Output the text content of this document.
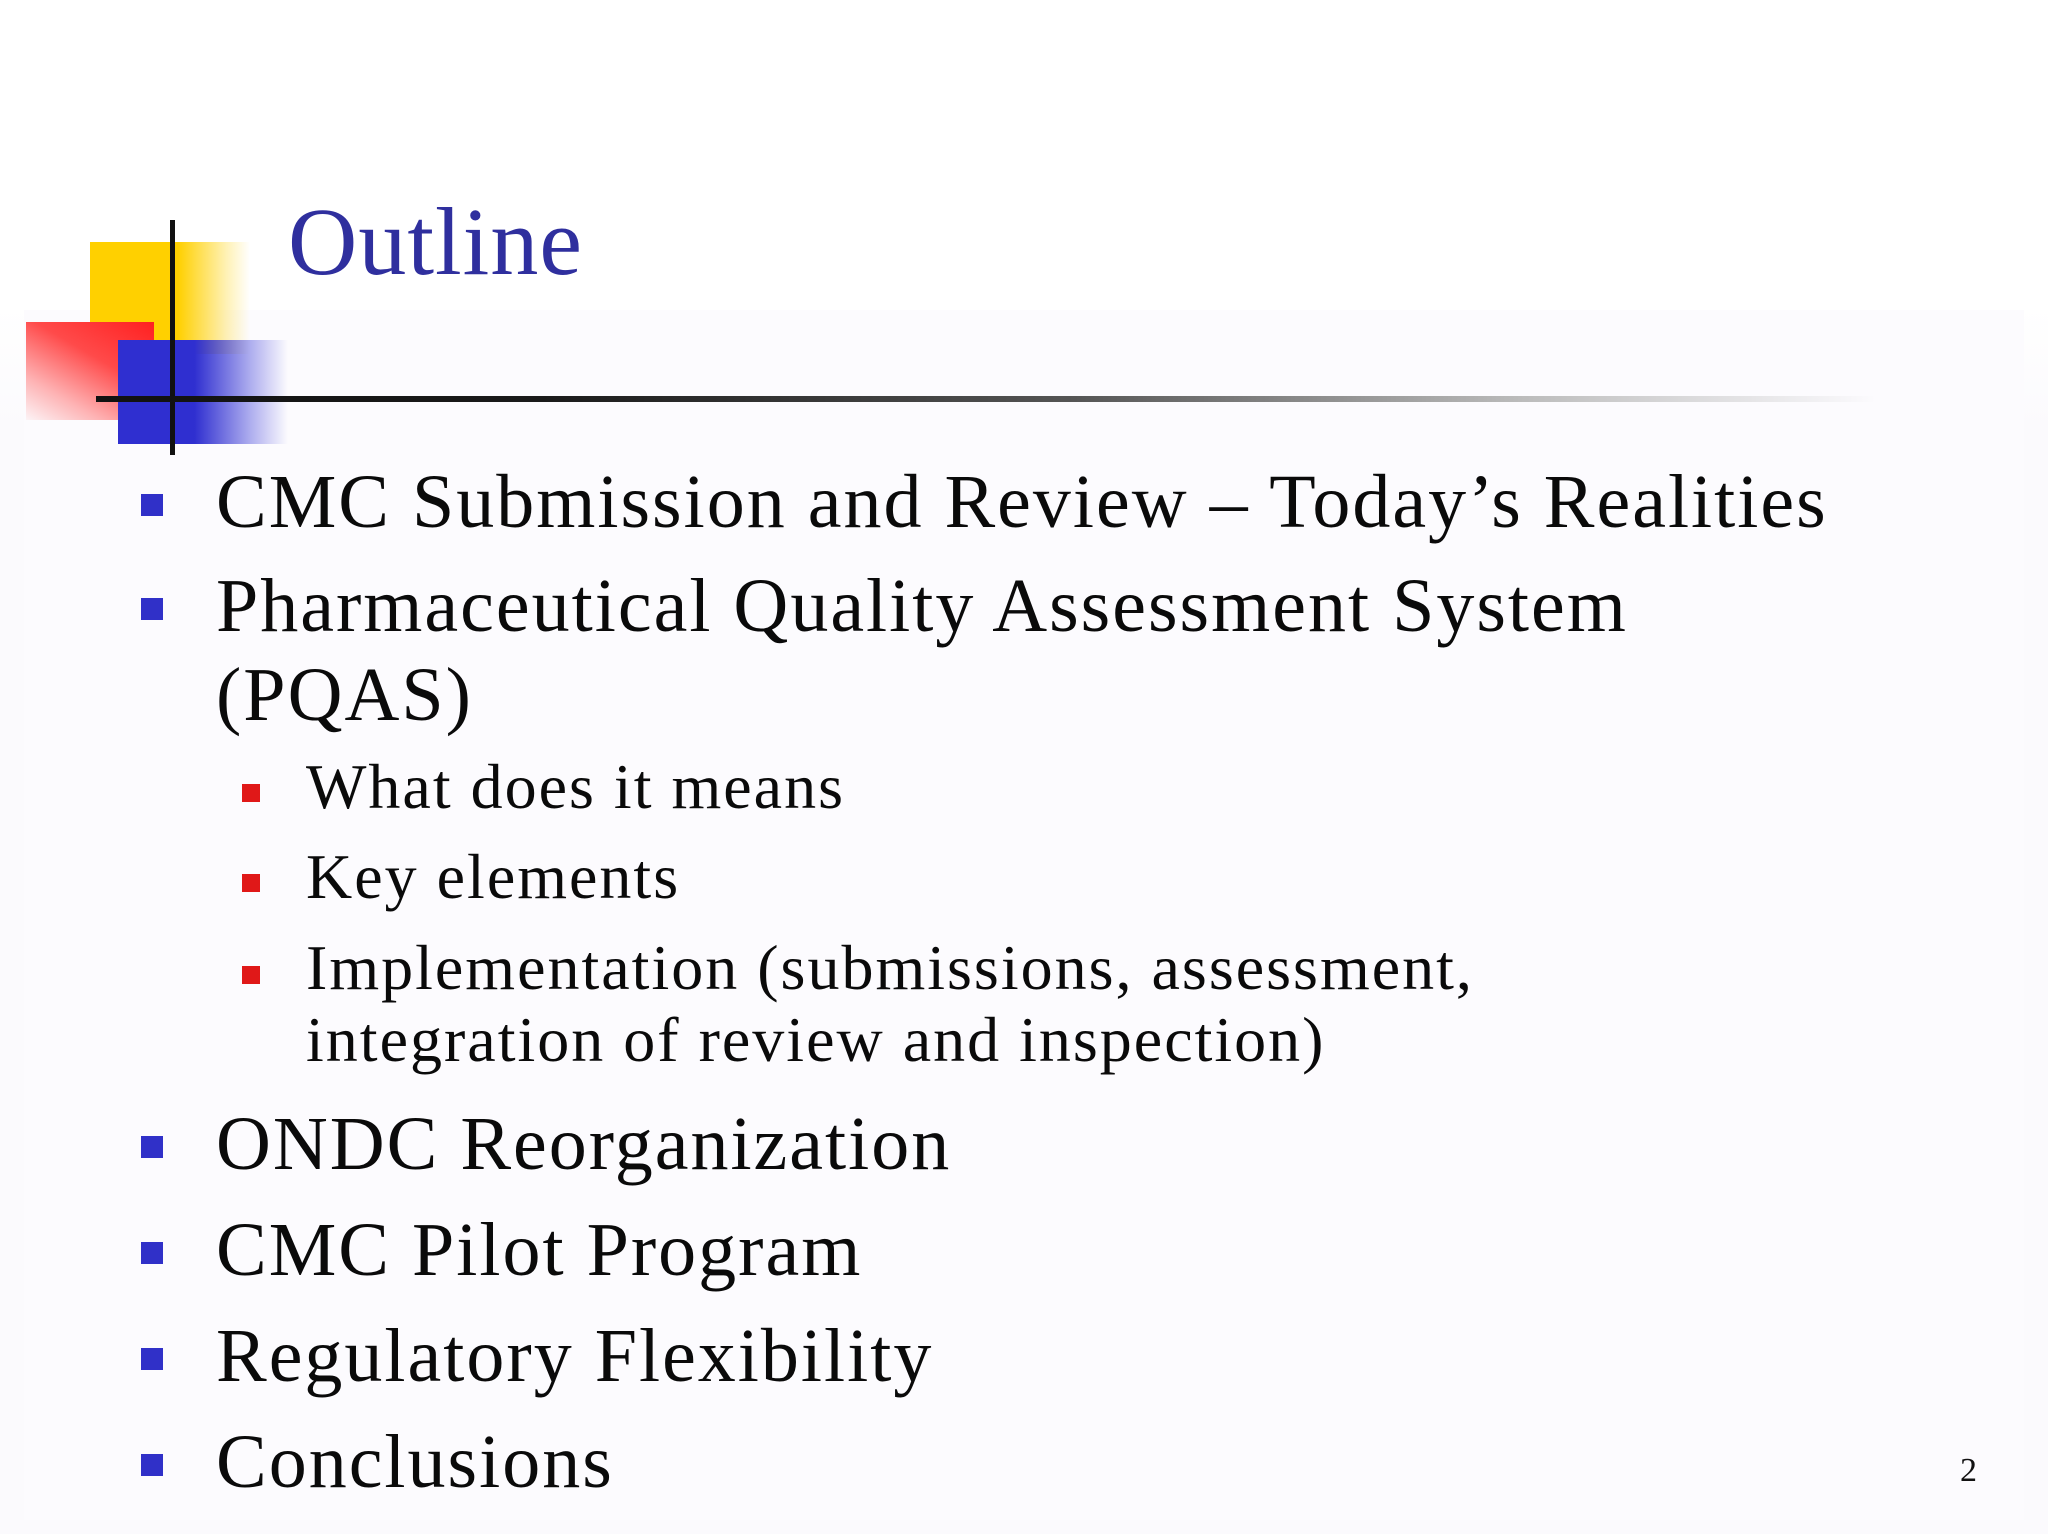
Outline
CMC Submission and Review – Today’s Realities
Pharmaceutical Quality Assessment System
(PQAS)
What does it means
Key elements
Implementation (submissions, assessment,
integration of review and inspection)
ONDC Reorganization
CMC Pilot Program
Regulatory Flexibility
Conclusions	2
